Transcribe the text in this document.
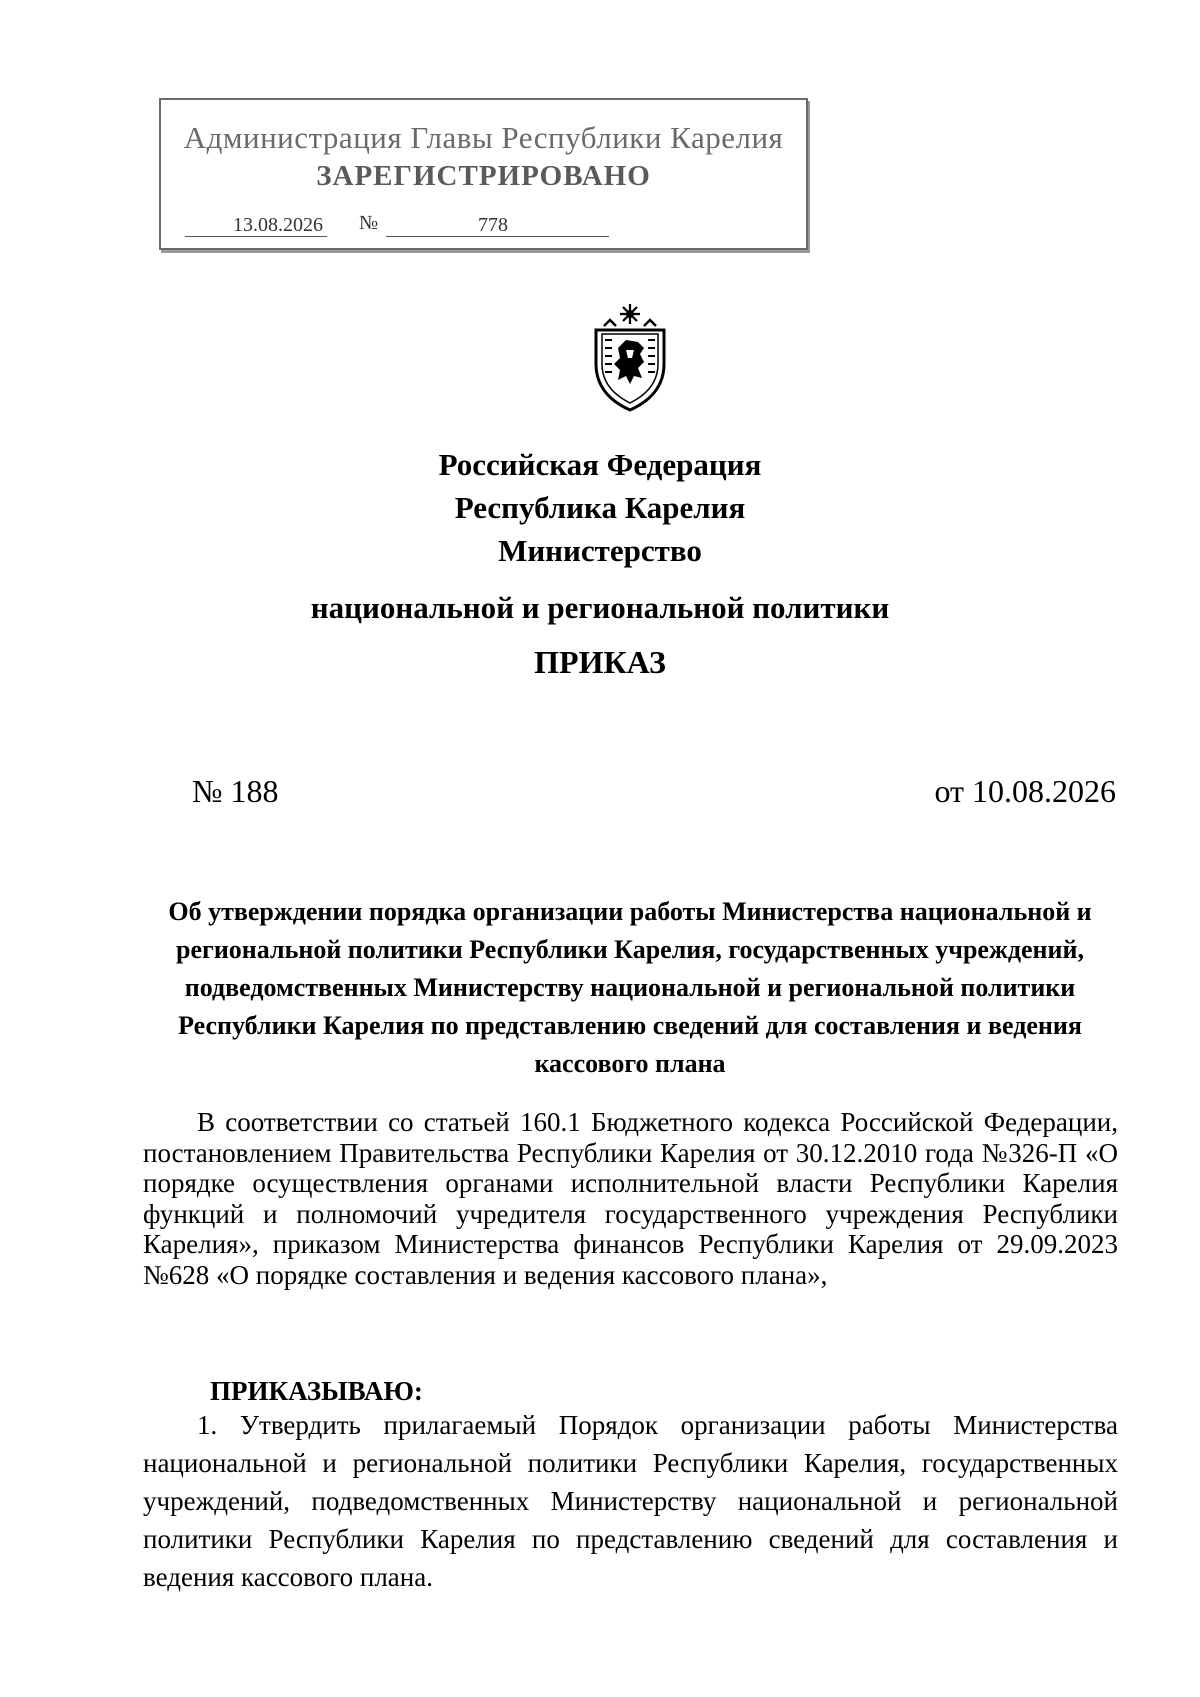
Администрация Главы Республики Карелия
ЗАРЕГИСТРИРОВАНО
13.08.2026 №	778
Российская Федерация
Республика Карелия
Министерство
национальной и региональной политики
ПРИКАЗ
№ 188	от 10.08.2026
Об утверждении порядка организации работы Министерства национальной и региональной политики Республики Карелия, государственных учреждений, подведомственных Министерству национальной и региональной политики Республики Карелия по представлению сведений для составления и ведения кассового плана
В соответствии со статьей 160.1 Бюджетного кодекса Российской Федерации, постановлением Правительства Республики Карелия от 30.12.2010 года №326-П «О порядке осуществления органами исполнительной власти Республики Карелия функций и полномочий учредителя государственного учреждения Республики Карелия», приказом Министерства финансов Республики Карелия от 29.09.2023 №628 «О порядке составления и ведения кассового плана»,
ПРИКАЗЫВАЮ:
1. Утвердить прилагаемый Порядок организации работы Министерства национальной и региональной политики Республики Карелия, государственных учреждений, подведомственных Министерству национальной и региональной политики Республики Карелия по представлению сведений для составления и ведения кассового плана.
